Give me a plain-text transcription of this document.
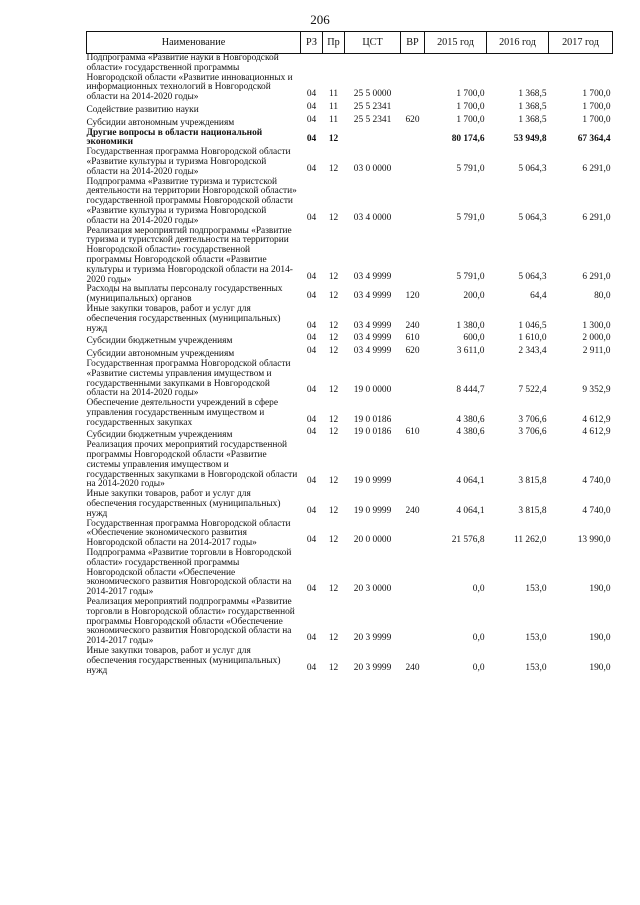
206
Наименование	РЗ	Пр	ЦСТ	ВР	2015 год	2016 год	2017 год
Подпрограмма «Развитие науки в Новгородской области» государственной программы Новгородской области «Развитие инновационных и информационных технологий в Новгородской области на 2014-2020 годы»	04	11	25 5 0000		1 700,0	1 368,5	1 700,0
Содействие развитию науки	04	11	25 5 2341		1 700,0	1 368,5	1 700,0
Субсидии автономным учреждениям	04	11	25 5 2341	620	1 700,0	1 368,5	1 700,0
Другие вопросы в области национальной экономики	04	12			80 174,6	53 949,8	67 364,4
Государственная программа Новгородской области «Развитие культуры и туризма Новгородской области на 2014-2020 годы»	04	12	03 0 0000		5 791,0	5 064,3	6 291,0
Подпрограмма «Развитие туризма и туристской деятельности на территории Новгородской области» государственной программы Новгородской области «Развитие культуры и туризма Новгородской области на 2014-2020 годы»	04	12	03 4 0000		5 791,0	5 064,3	6 291,0
Реализация мероприятий подпрограммы «Развитие туризма и туристской деятельности на территории Новгородской области» государственной программы Новгородской области «Развитие культуры и туризма Новгородской области на 2014-2020 годы»	04	12	03 4 9999		5 791,0	5 064,3	6 291,0
Расходы на выплаты персоналу государственных (муниципальных) органов	04	12	03 4 9999	120	200,0	64,4	80,0
Иные закупки товаров, работ и услуг для обеспечения государственных (муниципальных) нужд	04	12	03 4 9999	240	1 380,0	1 046,5	1 300,0
Субсидии бюджетным учреждениям	04	12	03 4 9999	610	600,0	1 610,0	2 000,0
Субсидии автономным учреждениям	04	12	03 4 9999	620	3 611,0	2 343,4	2 911,0
Государственная программа Новгородской области «Развитие системы управления имуществом и государственными закупками в Новгородской области на 2014-2020 годы»	04	12	19 0 0000		8 444,7	7 522,4	9 352,9
Обеспечение деятельности учреждений в сфере управления государственным имуществом и государственных закупках	04	12	19 0 0186		4 380,6	3 706,6	4 612,9
Субсидии бюджетным учреждениям	04	12	19 0 0186	610	4 380,6	3 706,6	4 612,9
Реализация прочих мероприятий государственной программы Новгородской области «Развитие системы управления имуществом и государственных закупками в Новгородской области на 2014-2020 годы»	04	12	19 0 9999		4 064,1	3 815,8	4 740,0
Иные закупки товаров, работ и услуг для обеспечения государственных (муниципальных) нужд	04	12	19 0 9999	240	4 064,1	3 815,8	4 740,0
Государственная программа Новгородской области «Обеспечение экономического развития Новгородской области на 2014-2017 годы»	04	12	20 0 0000		21 576,8	11 262,0	13 990,0
Подпрограмма «Развитие торговли в Новгородской области» государственной программы Новгородской области «Обеспечение экономического развития Новгородской области на 2014-2017 годы»	04	12	20 3 0000		0,0	153,0	190,0
Реализация мероприятий подпрограммы «Развитие торговли в Новгородской области» государственной программы Новгородской области «Обеспечение экономического развития Новгородской области на 2014-2017 годы»	04	12	20 3 9999		0,0	153,0	190,0
Иные закупки товаров, работ и услуг для обеспечения государственных (муниципальных) нужд	04	12	20 3 9999	240	0,0	153,0	190,0
